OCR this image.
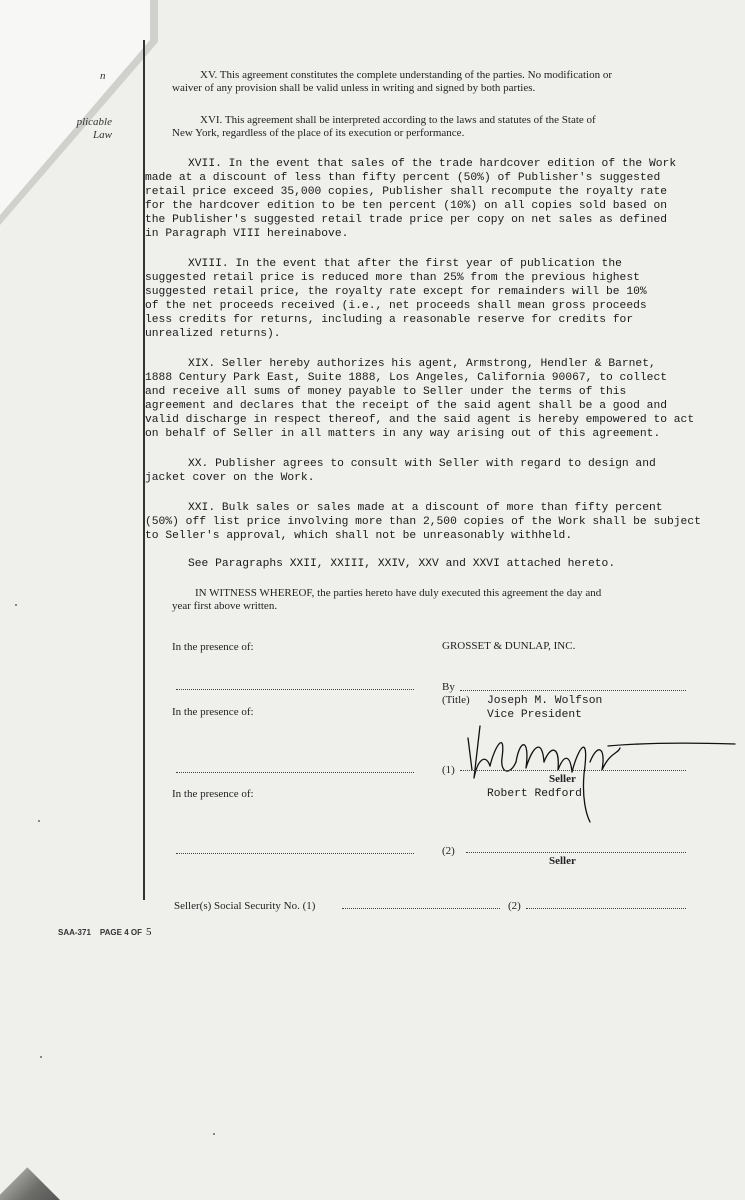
n
plicable
Law
XV. This agreement constitutes the complete understanding of the parties. No modification or
waiver of any provision shall be valid unless in writing and signed by both parties.
XVI. This agreement shall be interpreted according to the laws and statutes of the State of
New York, regardless of the place of its execution or performance.
XVII. In the event that sales of the trade hardcover edition of the Work
made at a discount of less than fifty percent (50%) of Publisher's suggested
retail price exceed 35,000 copies, Publisher shall recompute the royalty rate
for the hardcover edition to be ten percent (10%) on all copies sold based on
the Publisher's suggested retail trade price per copy on net sales as defined
in Paragraph VIII hereinabove.
XVIII. In the event that after the first year of publication the
suggested retail price is reduced more than 25% from the previous highest
suggested retail price, the royalty rate except for remainders will be 10%
of the net proceeds received (i.e., net proceeds shall mean gross proceeds
less credits for returns, including a reasonable reserve for credits for
unrealized returns).
XIX. Seller hereby authorizes his agent, Armstrong, Hendler & Barnet,
1888 Century Park East, Suite 1888, Los Angeles, California 90067, to collect
and receive all sums of money payable to Seller under the terms of this
agreement and declares that the receipt of the said agent shall be a good and
valid discharge in respect thereof, and the said agent is hereby empowered to act
on behalf of Seller in all matters in any way arising out of this agreement.
XX. Publisher agrees to consult with Seller with regard to design and
jacket cover on the Work.
XXI. Bulk sales or sales made at a discount of more than fifty percent
(50%) off list price involving more than 2,500 copies of the Work shall be subject
to Seller's approval, which shall not be unreasonably withheld.
See Paragraphs XXII, XXIII, XXIV, XXV and XXVI attached hereto.
IN WITNESS WHEREOF, the parties hereto have duly executed this agreement the day and
year first above written.
In the presence of:	GROSSET & DUNLAP, INC.
By
(Title) Joseph M. Wolfson
Vice President
In the presence of:
(1)
Seller
Robert Redford
In the presence of:
(2)
Seller
Seller(s) Social Security No. (1)	(2)
SAA-371 PAGE 4 OF 5
